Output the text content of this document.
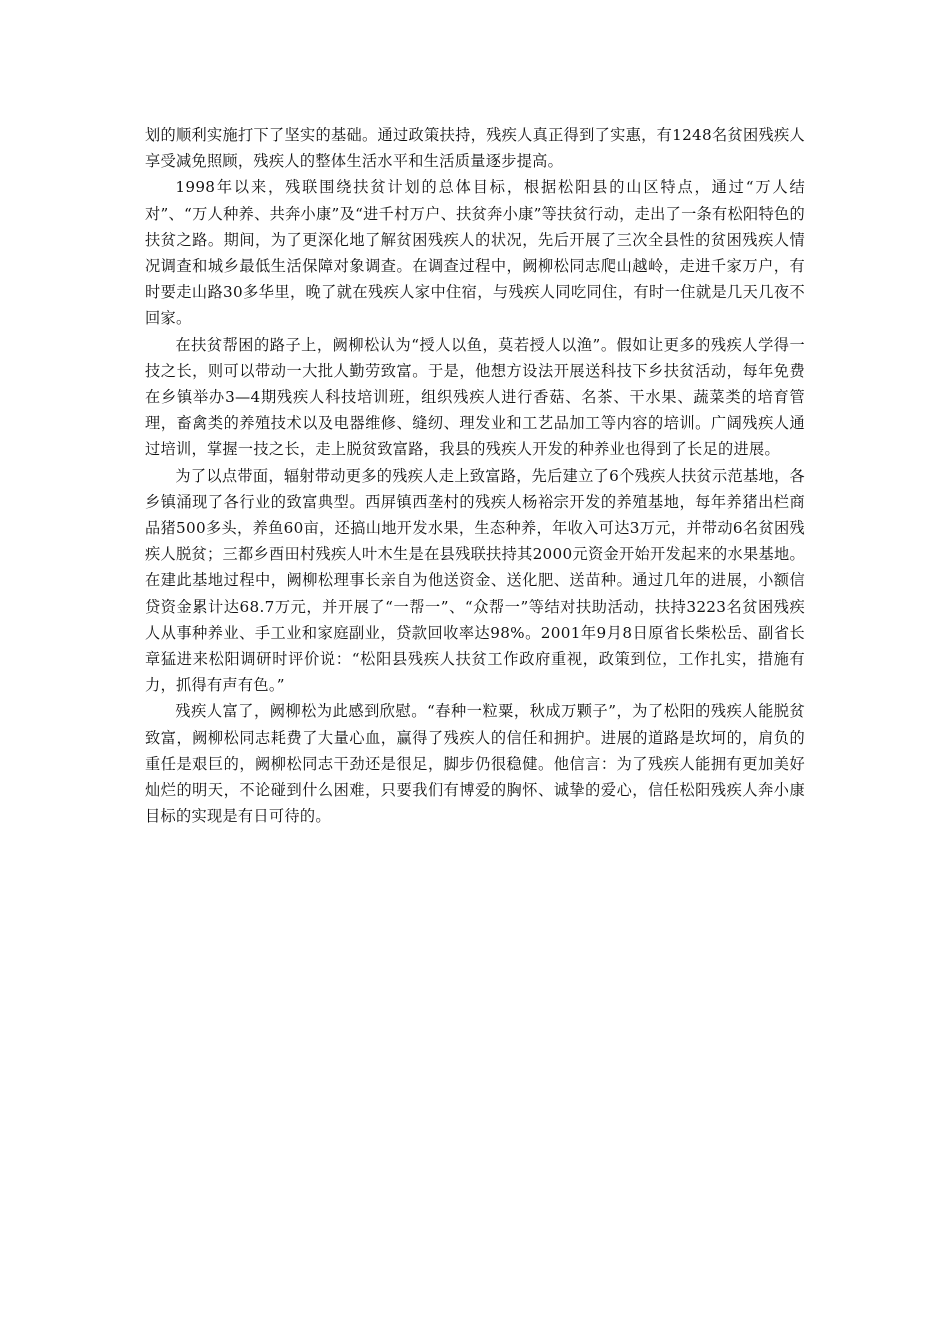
划的顺利实施打下了坚实的基础。通过政策扶持，残疾人真正得到了实惠，有1248名贫困残疾人享受减免照顾，残疾人的整体生活水平和生活质量逐步提高。

1998年以来，残联围绕扶贫计划的总体目标，根据松阳县的山区特点，通过“万人结对”、“万人种养、共奔小康”及“进千村万户、扶贫奔小康”等扶贫行动，走出了一条有松阳特色的扶贫之路。期间，为了更深化地了解贫困残疾人的状况，先后开展了三次全县性的贫困残疾人情况调查和城乡最低生活保障对象调查。在调查过程中，阙柳松同志爬山越岭，走进千家万户，有时要走山路30多华里，晚了就在残疾人家中住宿，与残疾人同吃同住，有时一住就是几天几夜不回家。

在扶贫帮困的路子上，阙柳松认为“授人以鱼，莫若授人以渔”。假如让更多的残疾人学得一技之长，则可以带动一大批人勤劳致富。于是，他想方设法开展送科技下乡扶贫活动，每年免费在乡镇举办3—4期残疾人科技培训班，组织残疾人进行香菇、名茶、干水果、蔬菜类的培育管理，畜禽类的养殖技术以及电器维修、缝纫、理发业和工艺品加工等内容的培训。广阔残疾人通过培训，掌握一技之长，走上脱贫致富路，我县的残疾人开发的种养业也得到了长足的进展。

为了以点带面，辐射带动更多的残疾人走上致富路，先后建立了6个残疾人扶贫示范基地，各乡镇涌现了各行业的致富典型。西屏镇西垄村的残疾人杨裕宗开发的养殖基地，每年养猪出栏商品猪500多头，养鱼60亩，还搞山地开发水果，生态种养，年收入可达3万元，并带动6名贫困残疾人脱贫；三都乡酉田村残疾人叶木生是在县残联扶持其2000元资金开始开发起来的水果基地。在建此基地过程中，阙柳松理事长亲自为他送资金、送化肥、送苗种。通过几年的进展，小额信贷资金累计达68.7万元，并开展了“一帮一”、“众帮一”等结对扶助活动，扶持3223名贫困残疾人从事种养业、手工业和家庭副业，贷款回收率达98%。2001年9月8日原省长柴松岳、副省长章猛进来松阳调研时评价说：“松阳县残疾人扶贫工作政府重视，政策到位，工作扎实，措施有力，抓得有声有色。”

残疾人富了，阙柳松为此感到欣慰。“春种一粒粟，秋成万颗子”，为了松阳的残疾人能脱贫致富，阙柳松同志耗费了大量心血，赢得了残疾人的信任和拥护。进展的道路是坎坷的，肩负的重任是艰巨的，阙柳松同志干劲还是很足，脚步仍很稳健。他信言：为了残疾人能拥有更加美好灿烂的明天，不论碰到什么困难，只要我们有博爱的胸怀、诚挚的爱心，信任松阳残疾人奔小康目标的实现是有日可待的。
